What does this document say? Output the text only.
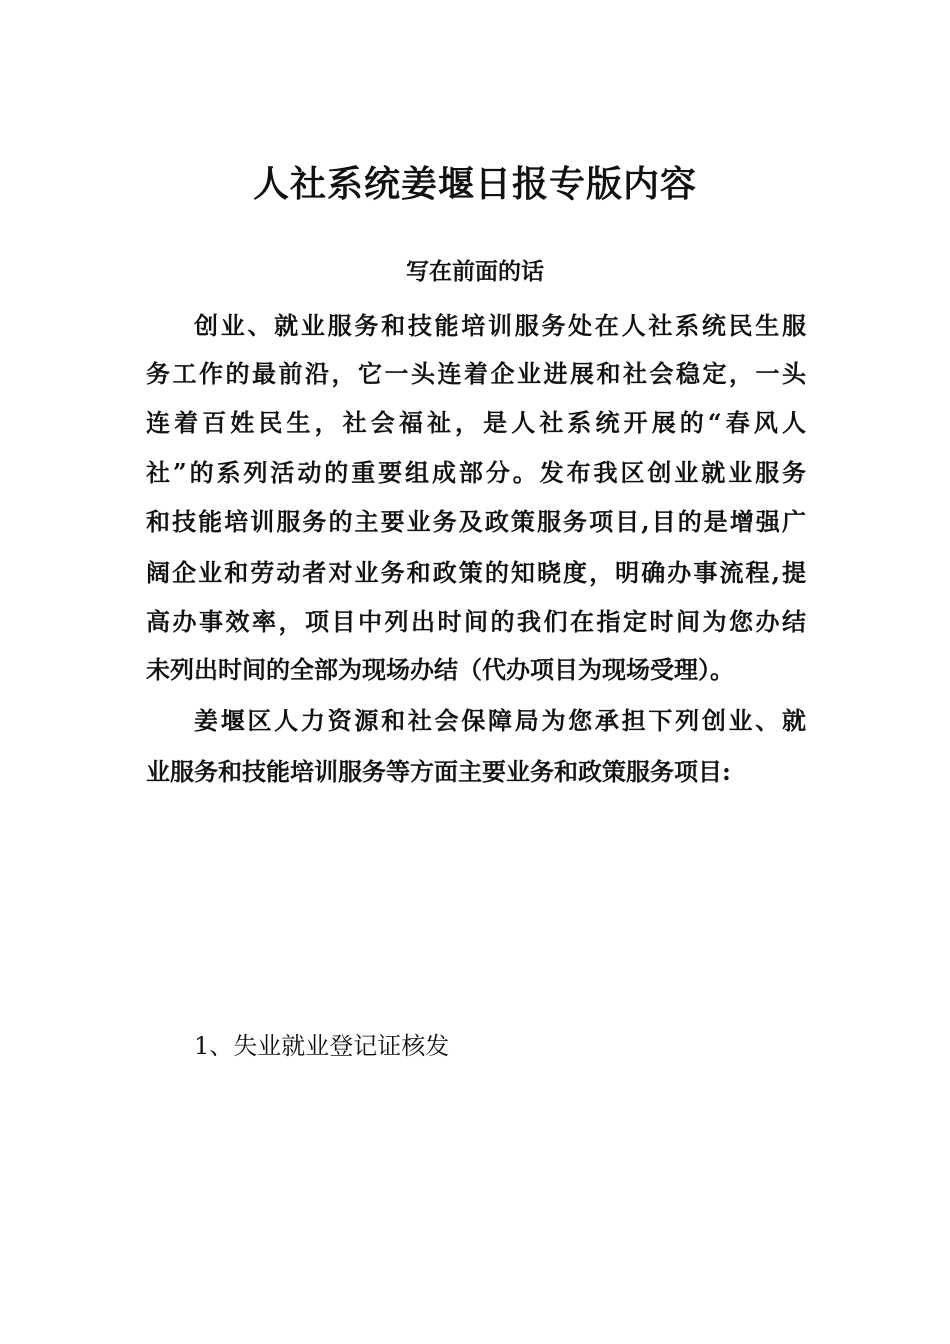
人社系统姜堰日报专版内容
写在前面的话
创业、就业服务和技能培训服务处在人社系统民生服
务工作的最前沿，它一头连着企业进展和社会稳定，一头
连着百姓民生，社会福祉，是人社系统开展的“春风人
社”的系列活动的重要组成部分。发布我区创业就业服务
和技能培训服务的主要业务及政策服务项目,目的是增强广
阔企业和劳动者对业务和政策的知晓度，明确办事流程,提
高办事效率，项目中列出时间的我们在指定时间为您办结
未列出时间的全部为现场办结（代办项目为现场受理）。
姜堰区人力资源和社会保障局为您承担下列创业、就
业服务和技能培训服务等方面主要业务和政策服务项目:
1、失业就业登记证核发
